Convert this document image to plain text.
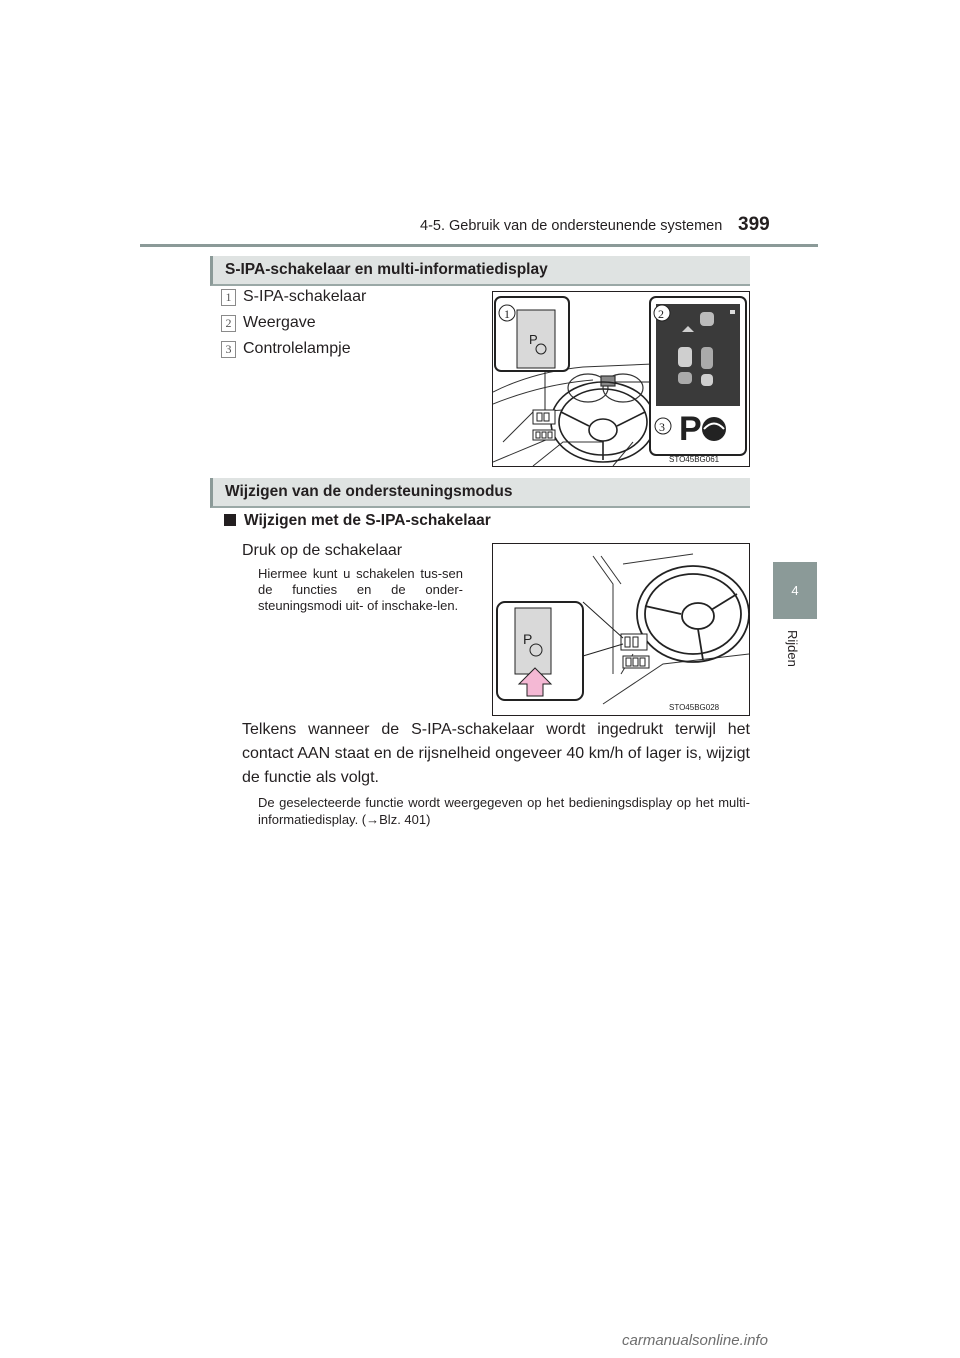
4-5. Gebruik van de ondersteunende systemen 399
4
Rijden
S-IPA-schakelaar en multi-informatiedisplay
1 S-IPA-schakelaar
2 Weergave
3 Controlelampje
P
1	2
3 P
STO45BG061
Wijzigen van de ondersteuningsmodus
Wijzigen met de S-IPA-schakelaar
Druk op de schakelaar
Hiermee kunt u schakelen tus-sen de functies en de onder-steuningsmodi uit- of inschake-len.
P
STO45BG028
Telkens wanneer de S-IPA-schakelaar wordt ingedrukt terwijl het contact AAN staat en de rijsnelheid ongeveer 40 km/h of lager is, wijzigt de functie als volgt.
De geselecteerde functie wordt weergegeven op het bedieningsdisplay op het multi-informatiedisplay. (→Blz. 401)
carmanualsonline.info
